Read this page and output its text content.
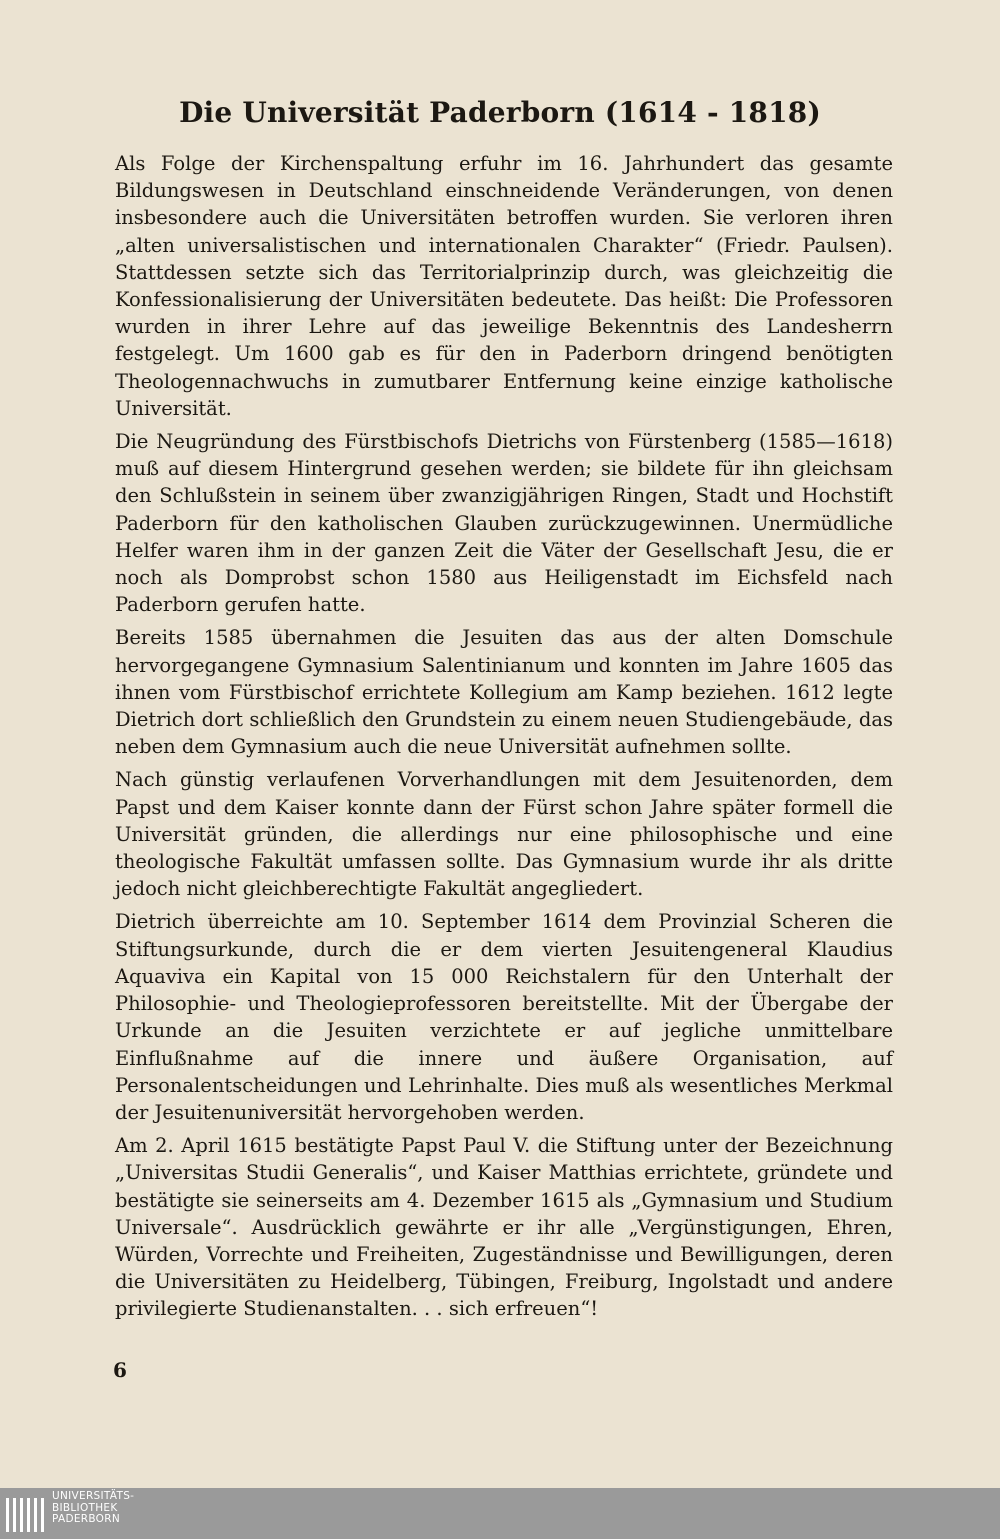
Die Universität Paderborn (1614 - 1818)

Als Folge der Kirchenspaltung erfuhr im 16. Jahrhundert das gesamte Bildungswesen in Deutschland einschneidende Veränderungen, von denen insbesondere auch die Universitäten betroffen wurden. Sie verloren ihren „alten universalistischen und internationalen Charakter“ (Friedr. Paulsen). Stattdessen setzte sich das Territorialprinzip durch, was gleichzeitig die Konfessionalisierung der Universitäten bedeutete. Das heißt: Die Professoren wurden in ihrer Lehre auf das jeweilige Bekenntnis des Landesherrn festgelegt. Um 1600 gab es für den in Paderborn dringend benötigten Theologennachwuchs in zumutbarer Entfernung keine einzige katholische Universität.

Die Neugründung des Fürstbischofs Dietrichs von Fürstenberg (1585—1618) muß auf diesem Hintergrund gesehen werden; sie bildete für ihn gleichsam den Schlußstein in seinem über zwanzigjährigen Ringen, Stadt und Hochstift Paderborn für den katholischen Glauben zurückzugewinnen. Unermüdliche Helfer waren ihm in der ganzen Zeit die Väter der Gesellschaft Jesu, die er noch als Domprobst schon 1580 aus Heiligenstadt im Eichsfeld nach Paderborn gerufen hatte.

Bereits 1585 übernahmen die Jesuiten das aus der alten Domschule hervorgegangene Gymnasium Salentinianum und konnten im Jahre 1605 das ihnen vom Fürstbischof errichtete Kollegium am Kamp beziehen. 1612 legte Dietrich dort schließlich den Grundstein zu einem neuen Studiengebäude, das neben dem Gymnasium auch die neue Universität aufnehmen sollte.

Nach günstig verlaufenen Vorverhandlungen mit dem Jesuitenorden, dem Papst und dem Kaiser konnte dann der Fürst schon Jahre später formell die Universität gründen, die allerdings nur eine philosophische und eine theologische Fakultät umfassen sollte. Das Gymnasium wurde ihr als dritte jedoch nicht gleichberechtigte Fakultät angegliedert.

Dietrich überreichte am 10. September 1614 dem Provinzial Scheren die Stiftungsurkunde, durch die er dem vierten Jesuitengeneral Klaudius Aquaviva ein Kapital von 15 000 Reichstalern für den Unterhalt der Philosophie- und Theologieprofessoren bereitstellte. Mit der Übergabe der Urkunde an die Jesuiten verzichtete er auf jegliche unmittelbare Einflußnahme auf die innere und äußere Organisation, auf Personalentscheidungen und Lehrinhalte. Dies muß als wesentliches Merkmal der Jesuitenuniversität hervorgehoben werden.

Am 2. April 1615 bestätigte Papst Paul V. die Stiftung unter der Bezeichnung „Universitas Studii Generalis“, und Kaiser Matthias errichtete, gründete und bestätigte sie seinerseits am 4. Dezember 1615 als „Gymnasium und Studium Universale“. Ausdrücklich gewährte er ihr alle „Vergünstigungen, Ehren, Würden, Vorrechte und Freiheiten, Zugeständnisse und Bewilligungen, deren die Universitäten zu Heidelberg, Tübingen, Freiburg, Ingolstadt und andere privilegierte Studienanstalten. . . sich erfreuen“!

6
UNIVERSITÄTS-
BIBLIOTHEK
PADERBORN
